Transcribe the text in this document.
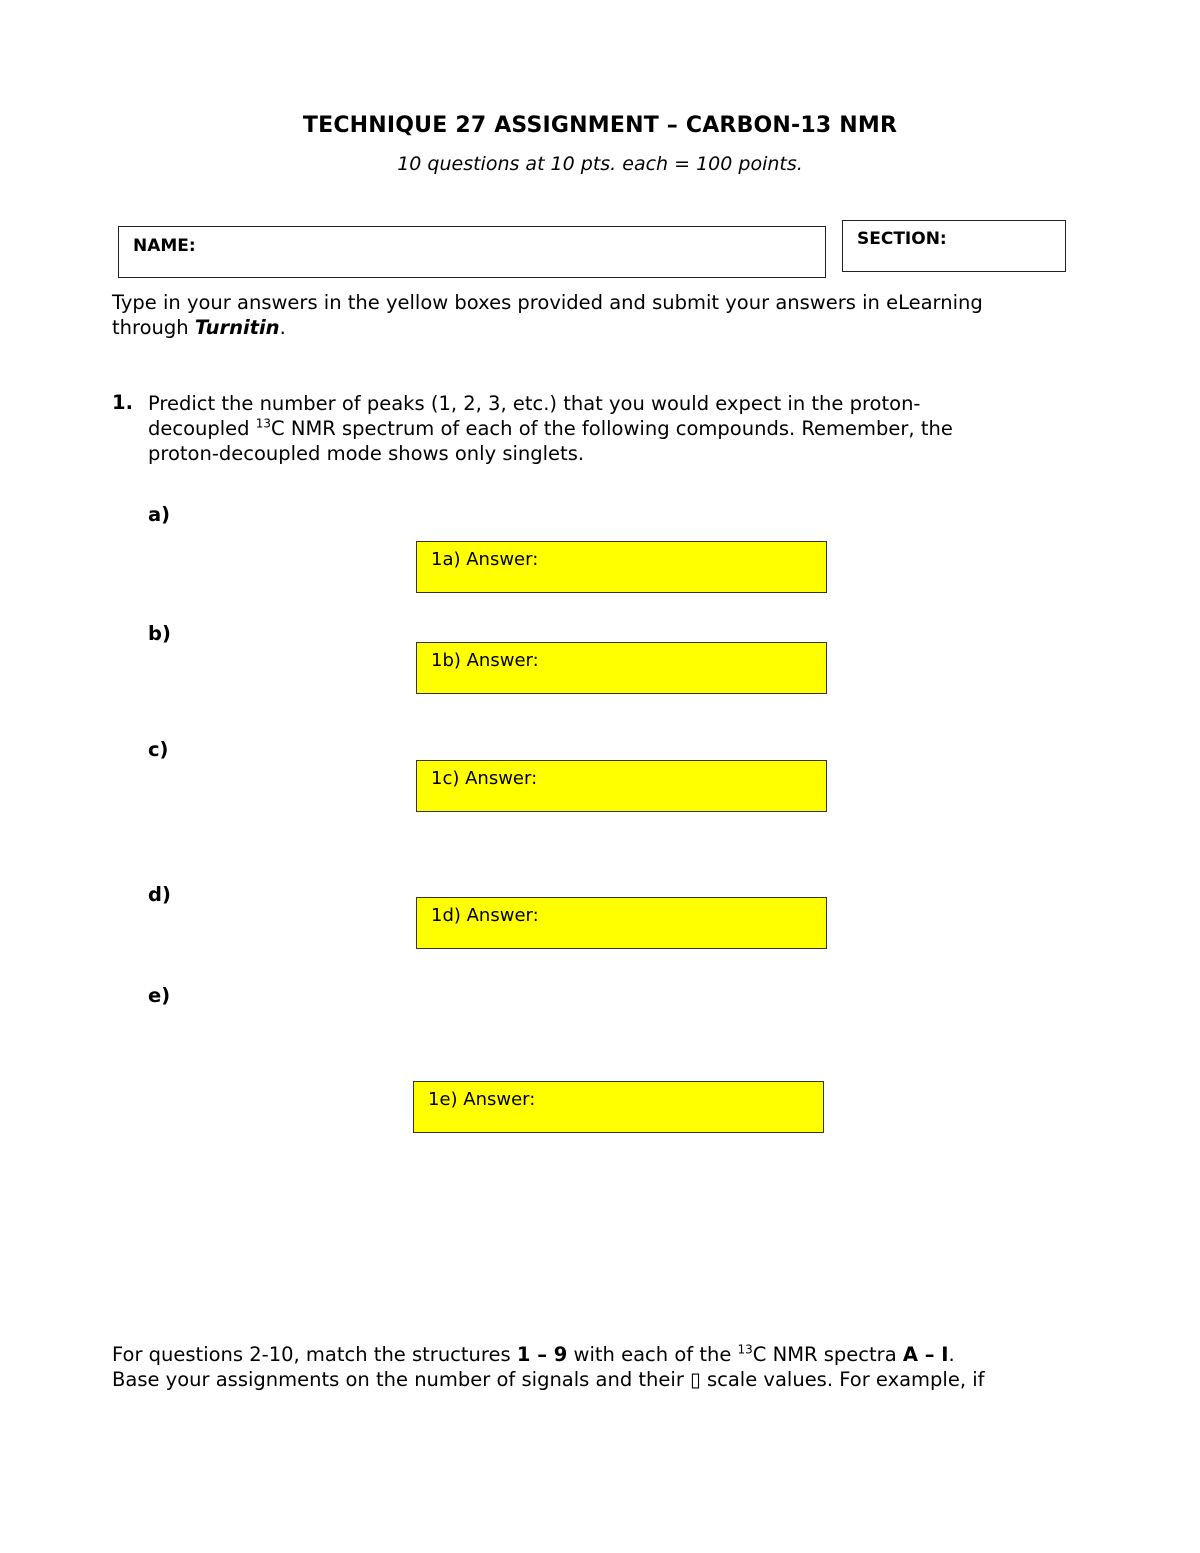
TECHNIQUE 27 ASSIGNMENT – CARBON-13 NMR
10 questions at 10 pts. each = 100 points.
NAME:	SECTION:
Type in your answers in the yellow boxes provided and submit your answers in eLearning
through Turnitin.
1. Predict the number of peaks (1, 2, 3, etc.) that you would expect in the proton-
decoupled $^{13}$C NMR spectrum of each of the following compounds. Remember, the
proton-decoupled mode shows only singlets.
a)
1a) Answer:
b)
1b) Answer:
c)
1c) Answer:
d)
1d) Answer:
e)
1e) Answer:
For questions 2-10, match the structures 1 – 9 with each of the $^{13}$C NMR spectra A – I.
Base your assignments on the number of signals and their ▯ scale values. For example, if
